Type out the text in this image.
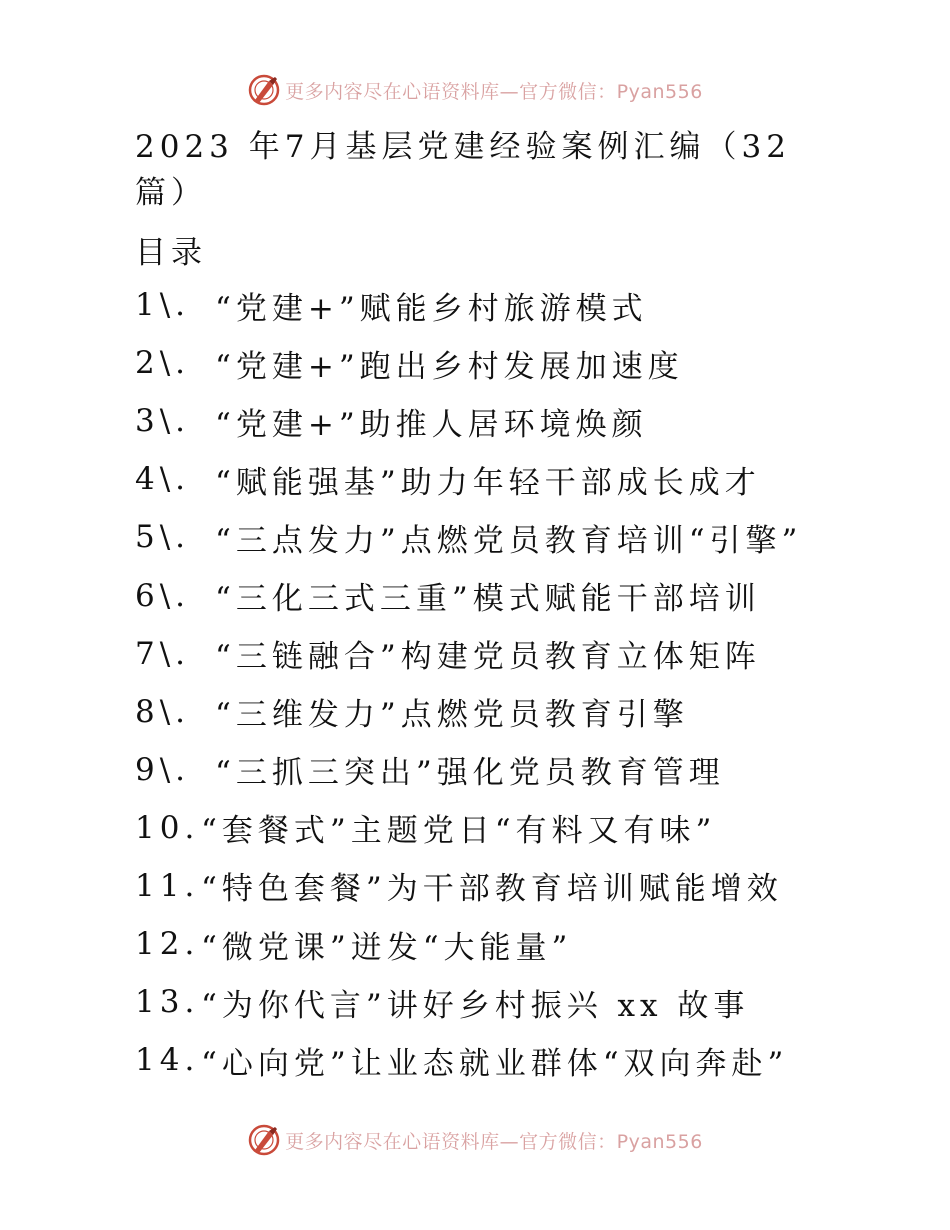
更多内容尽在心语资料库—官方微信：Pyan556
2023 年7月基层党建经验案例汇编（32 篇）
目录
1\. “党建+”赋能乡村旅游模式
2\. “党建+”跑出乡村发展加速度
3\. “党建+”助推人居环境焕颜
4\. “赋能强基”助力年轻干部成长成才
5\. “三点发力”点燃党员教育培训“引擎”
6\. “三化三式三重”模式赋能干部培训
7\. “三链融合”构建党员教育立体矩阵
8\. “三维发力”点燃党员教育引擎
9\. “三抓三突出”强化党员教育管理
10. “套餐式”主题党日“有料又有味”
11. “特色套餐”为干部教育培训赋能增效
12. “微党课”迸发“大能量”
13. “为你代言”讲好乡村振兴 xx 故事
14. “心向党”让业态就业群体“双向奔赴”
更多内容尽在心语资料库—官方微信：Pyan556
